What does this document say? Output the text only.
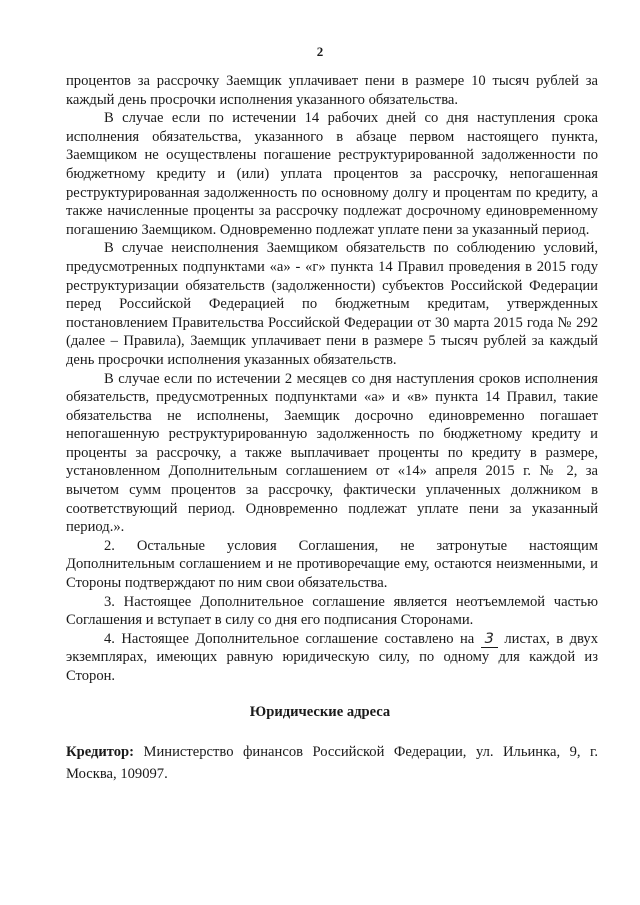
2

процентов за рассрочку Заемщик уплачивает пени в размере 10 тысяч рублей за каждый день просрочки исполнения указанного обязательства.

В случае если по истечении 14 рабочих дней со дня наступления срока исполнения обязательства, указанного в абзаце первом настоящего пункта, Заемщиком не осуществлены погашение реструктурированной задолженности по бюджетному кредиту и (или) уплата процентов за рассрочку, непогашенная реструктурированная задолженность по основному долгу и процентам по кредиту, а также начисленные проценты за рассрочку подлежат досрочному единовременному погашению Заемщиком. Одновременно подлежат уплате пени за указанный период.

В случае неисполнения Заемщиком обязательств по соблюдению условий, предусмотренных подпунктами «а» - «г» пункта 14 Правил проведения в 2015 году реструктуризации обязательств (задолженности) субъектов Российской Федерации перед Российской Федерацией по бюджетным кредитам, утвержденных постановлением Правительства Российской Федерации от 30 марта 2015 года № 292 (далее – Правила), Заемщик уплачивает пени в размере 5 тысяч рублей за каждый день просрочки исполнения указанных обязательств.

В случае если по истечении 2 месяцев со дня наступления сроков исполнения обязательств, предусмотренных подпунктами «а» и «в» пункта 14 Правил, такие обязательства не исполнены, Заемщик досрочно единовременно погашает непогашенную реструктурированную задолженность по бюджетному кредиту и проценты за рассрочку, а также выплачивает проценты по кредиту в размере, установленном Дополнительным соглашением от «14» апреля 2015 г. № 2, за вычетом сумм процентов за рассрочку, фактически уплаченных должником в соответствующий период. Одновременно подлежат уплате пени за указанный период.».

2. Остальные условия Соглашения, не затронутые настоящим Дополнительным соглашением и не противоречащие ему, остаются неизменными, и Стороны подтверждают по ним свои обязательства.

3. Настоящее Дополнительное соглашение является неотъемлемой частью Соглашения и вступает в силу со дня его подписания Сторонами.

4. Настоящее Дополнительное соглашение составлено на 3 листах, в двух экземплярах, имеющих равную юридическую силу, по одному для каждой из Сторон.

Юридические адреса
Кредитор: Министерство финансов Российской Федерации, ул. Ильинка, 9, г. Москва, 109097.
